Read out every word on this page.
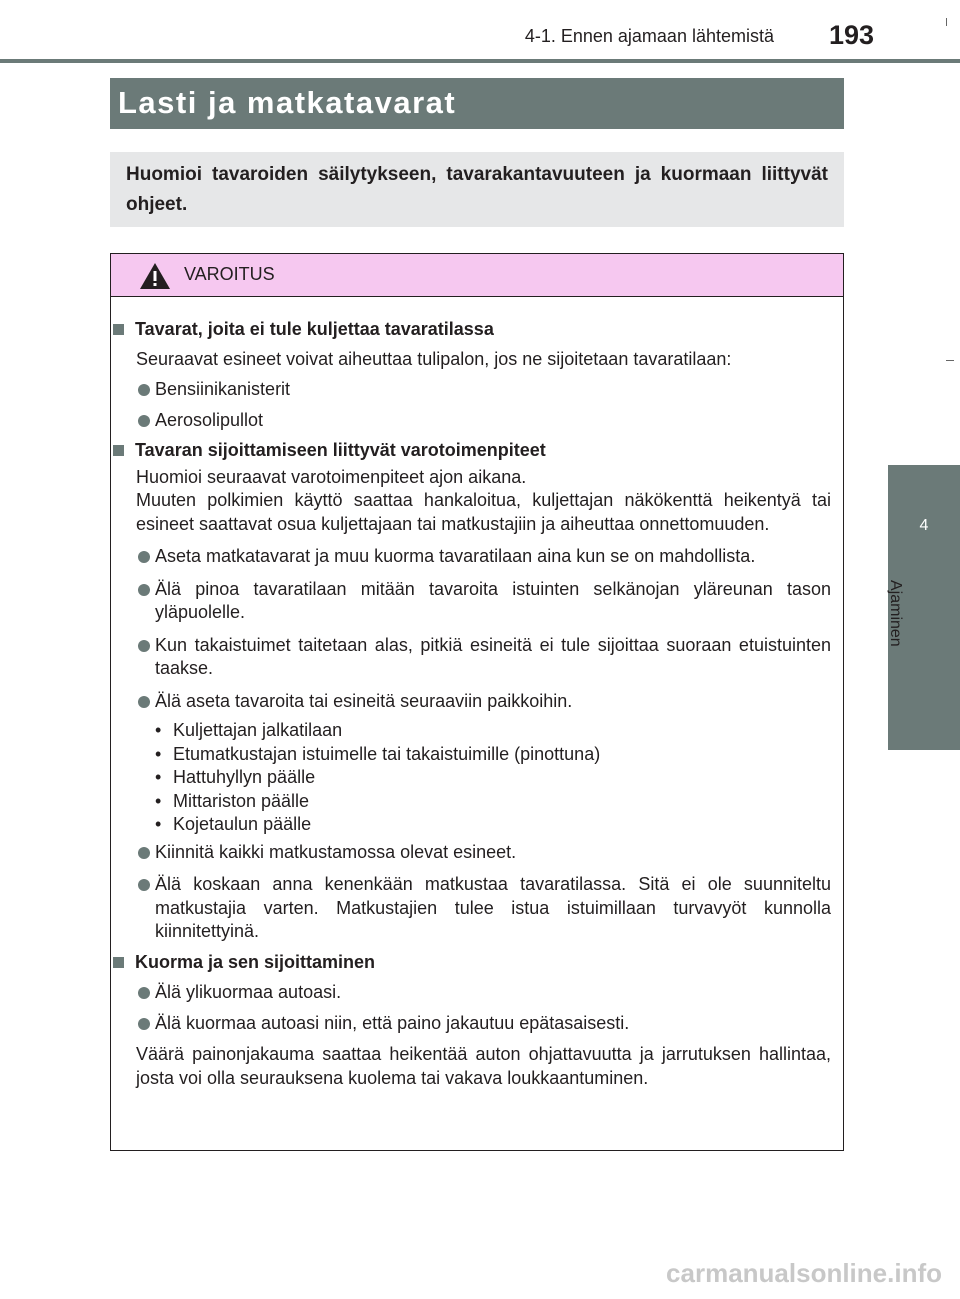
4-1. Ennen ajamaan lähtemistä 193
4
Ajaminen
Lasti ja matkatavarat
Huomioi tavaroiden säilytykseen, tavarakantavuuteen ja kuormaan liittyvät ohjeet.
VAROITUS
Tavarat, joita ei tule kuljettaa tavaratilassa
Seuraavat esineet voivat aiheuttaa tulipalon, jos ne sijoitetaan tavaratilaan:
Bensiinikanisterit
Aerosolipullot
Tavaran sijoittamiseen liittyvät varotoimenpiteet
Huomioi seuraavat varotoimenpiteet ajon aikana.
Muuten polkimien käyttö saattaa hankaloitua, kuljettajan näkökenttä heikentyä tai esineet saattavat osua kuljettajaan tai matkustajiin ja aiheuttaa onnettomuuden.
Aseta matkatavarat ja muu kuorma tavaratilaan aina kun se on mahdollista.
Älä pinoa tavaratilaan mitään tavaroita istuinten selkänojan yläreunan tason yläpuolelle.
Kun takaistuimet taitetaan alas, pitkiä esineitä ei tule sijoittaa suoraan etuistuinten taakse.
Älä aseta tavaroita tai esineitä seuraaviin paikkoihin.
• Kuljettajan jalkatilaan
• Etumatkustajan istuimelle tai takaistuimille (pinottuna)
• Hattuhyllyn päälle
• Mittariston päälle
• Kojetaulun päälle
Kiinnitä kaikki matkustamossa olevat esineet.
Älä koskaan anna kenenkään matkustaa tavaratilassa. Sitä ei ole suunniteltu matkustajia varten. Matkustajien tulee istua istuimillaan turvavyöt kunnolla kiinnitettyinä.
Kuorma ja sen sijoittaminen
Älä ylikuormaa autoasi.
Älä kuormaa autoasi niin, että paino jakautuu epätasaisesti.
Väärä painonjakauma saattaa heikentää auton ohjattavuutta ja jarrutuksen hallintaa, josta voi olla seurauksena kuolema tai vakava loukkaantuminen.
carmanualsonline.info
